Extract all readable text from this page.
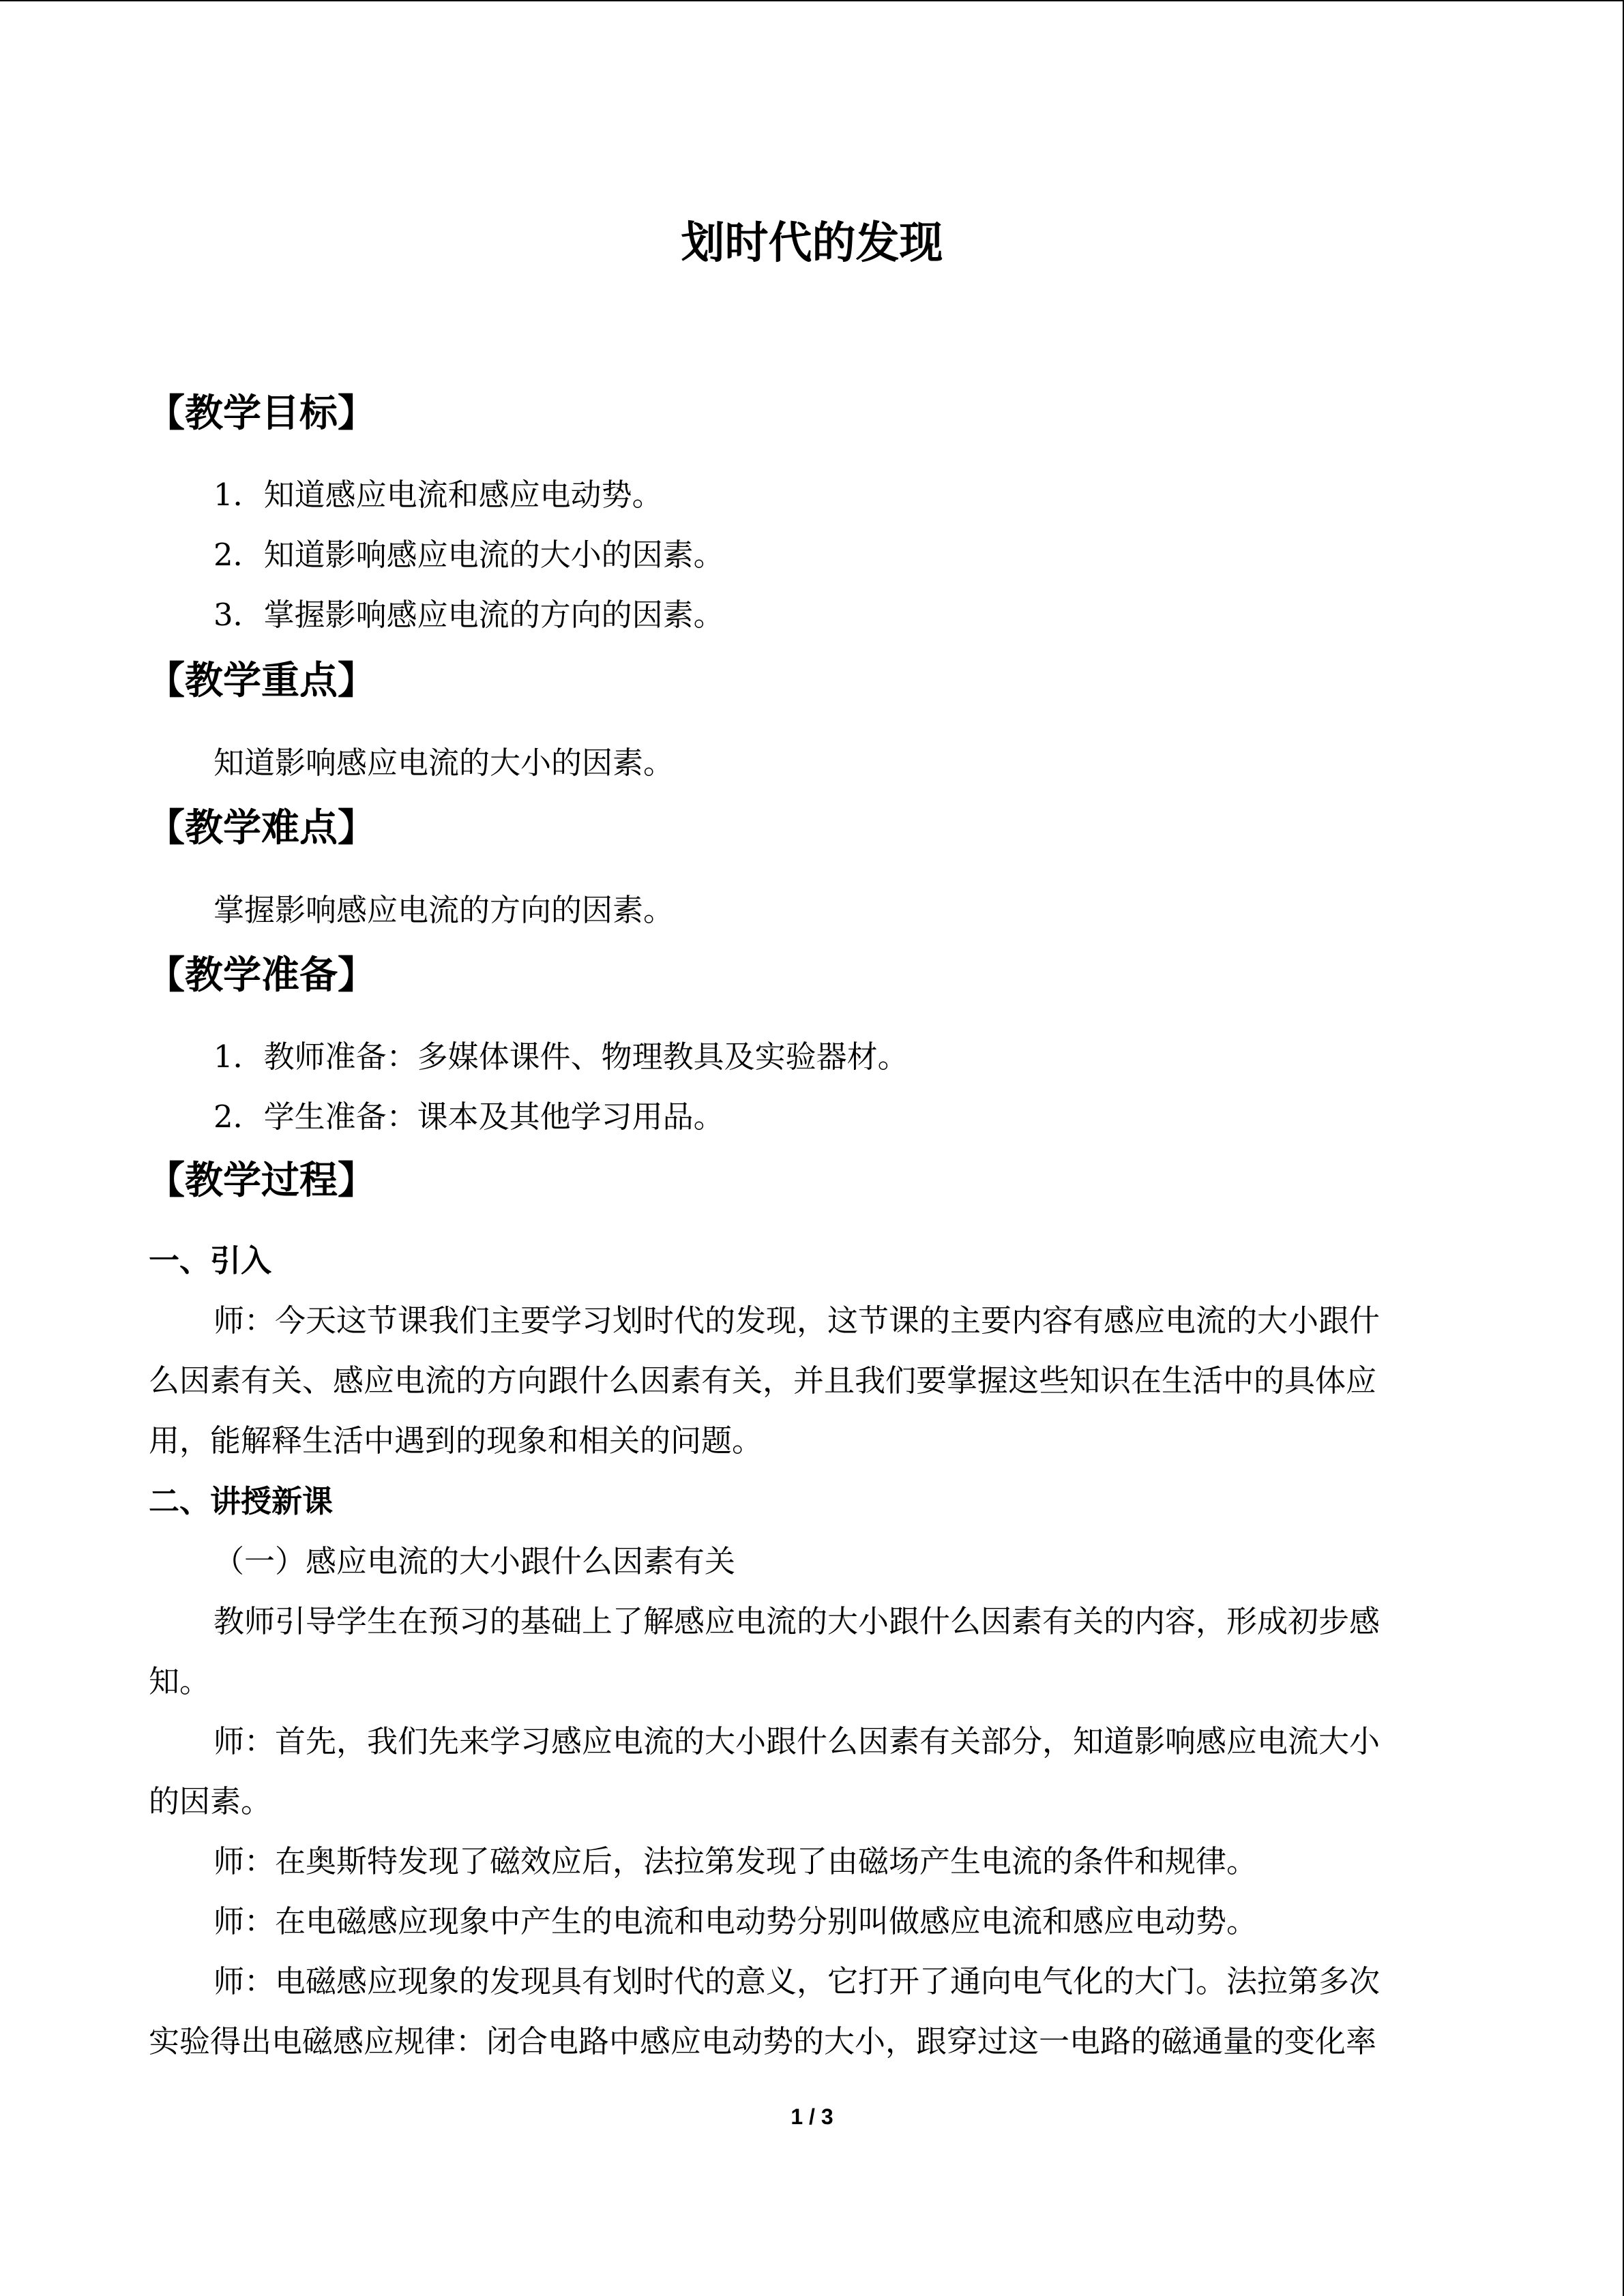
划时代的发现
【教学目标】
1．知道感应电流和感应电动势。
2．知道影响感应电流的大小的因素。
3．掌握影响感应电流的方向的因素。
【教学重点】
知道影响感应电流的大小的因素。
【教学难点】
掌握影响感应电流的方向的因素。
【教学准备】
1．教师准备：多媒体课件、物理教具及实验器材。
2．学生准备：课本及其他学习用品。
【教学过程】
一、引入
师：今天这节课我们主要学习划时代的发现，这节课的主要内容有感应电流的大小跟什
么因素有关、感应电流的方向跟什么因素有关，并且我们要掌握这些知识在生活中的具体应
用，能解释生活中遇到的现象和相关的问题。
二、讲授新课
（一）感应电流的大小跟什么因素有关
教师引导学生在预习的基础上了解感应电流的大小跟什么因素有关的内容，形成初步感
知。
师：首先，我们先来学习感应电流的大小跟什么因素有关部分，知道影响感应电流大小
的因素。
师：在奥斯特发现了磁效应后，法拉第发现了由磁场产生电流的条件和规律。
师：在电磁感应现象中产生的电流和电动势分别叫做感应电流和感应电动势。
师：电磁感应现象的发现具有划时代的意义，它打开了通向电气化的大门。法拉第多次
实验得出电磁感应规律：闭合电路中感应电动势的大小，跟穿过这一电路的磁通量的变化率
1 / 3
